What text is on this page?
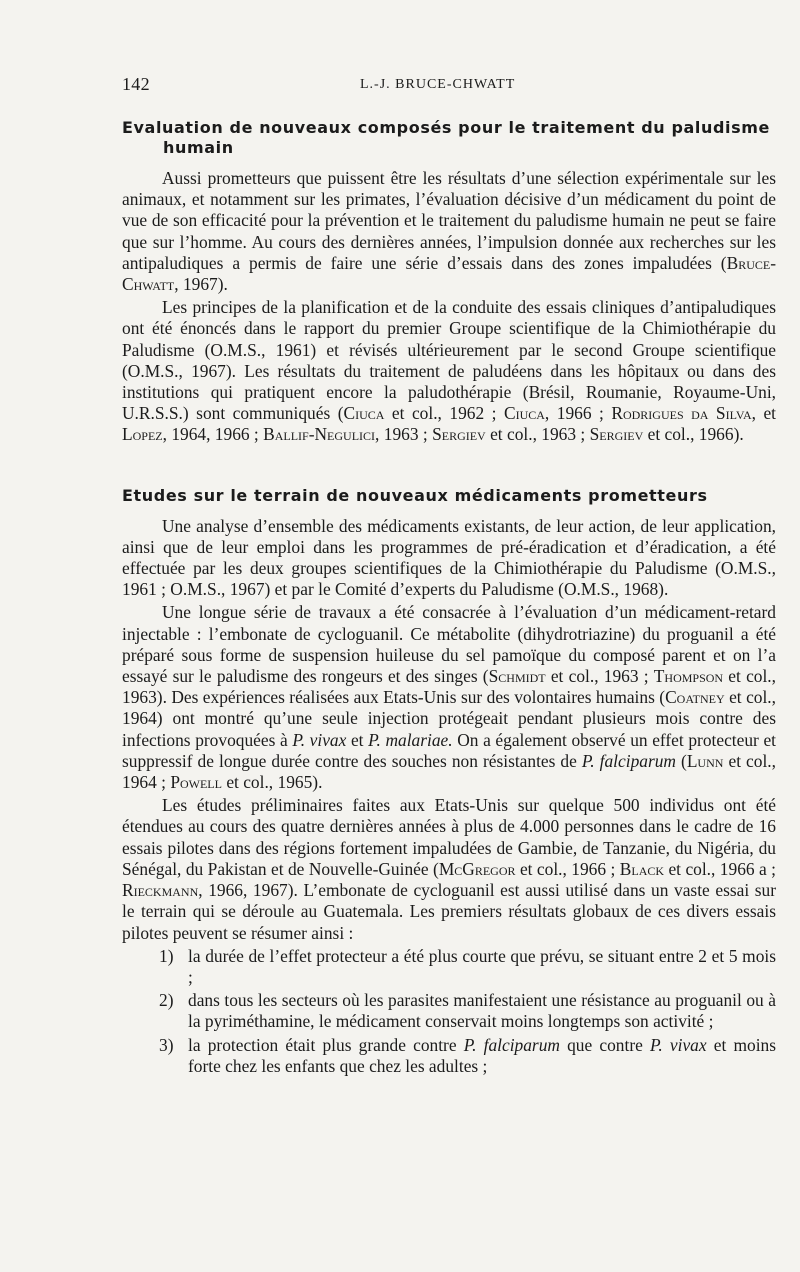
142	L.-J. BRUCE-CHWATT
Evaluation de nouveaux composés pour le traitement du paludisme
humain

Aussi prometteurs que puissent être les résultats d’une sélection expérimentale sur les animaux, et notamment sur les primates, l’évaluation décisive d’un médicament du point de vue de son efficacité pour la prévention et le traitement du paludisme humain ne peut se faire que sur l’homme. Au cours des dernières années, l’impulsion donnée aux recherches sur les antipaludiques a permis de faire une série d’essais dans des zones impaludées (Bruce-Chwatt, 1967).

Les principes de la planification et de la conduite des essais cliniques d’antipaludiques ont été énoncés dans le rapport du premier Groupe scientifique de la Chimiothérapie du Paludisme (O.M.S., 1961) et révisés ultérieurement par le second Groupe scientifique (O.M.S., 1967). Les résultats du traitement de paludéens dans les hôpitaux ou dans des institutions qui pratiquent encore la paludothérapie (Brésil, Roumanie, Royaume-Uni, U.R.S.S.) sont communiqués (Ciuca et col., 1962 ; Ciuca, 1966 ; Rodrigues da Silva, et Lopez, 1964, 1966 ; Ballif-Negulici, 1963 ; Sergiev et col., 1963 ; Sergiev et col., 1966).

Etudes sur le terrain de nouveaux médicaments prometteurs

Une analyse d’ensemble des médicaments existants, de leur action, de leur application, ainsi que de leur emploi dans les programmes de pré-éradication et d’éradication, a été effectuée par les deux groupes scientifiques de la Chimiothérapie du Paludisme (O.M.S., 1961 ; O.M.S., 1967) et par le Comité d’experts du Paludisme (O.M.S., 1968).

Une longue série de travaux a été consacrée à l’évaluation d’un médicament-retard injectable : l’embonate de cycloguanil. Ce métabolite (dihydrotriazine) du proguanil a été préparé sous forme de suspension huileuse du sel pamoïque du composé parent et on l’a essayé sur le paludisme des rongeurs et des singes (Schmidt et col., 1963 ; Thompson et col., 1963). Des expériences réalisées aux Etats-Unis sur des volontaires humains (Coatney et col., 1964) ont montré qu’une seule injection protégeait pendant plusieurs mois contre des infections provoquées à P. vivax et P. malariae. On a également observé un effet protecteur et suppressif de longue durée contre des souches non résistantes de P. falciparum (Lunn et col., 1964 ; Powell et col., 1965).

Les études préliminaires faites aux Etats-Unis sur quelque 500 individus ont été étendues au cours des quatre dernières années à plus de 4.000 personnes dans le cadre de 16 essais pilotes dans des régions fortement impaludées de Gambie, de Tanzanie, du Nigéria, du Sénégal, du Pakistan et de Nouvelle-Guinée (McGregor et col., 1966 ; Black et col., 1966 a ; Rieckmann, 1966, 1967). L’embonate de cycloguanil est aussi utilisé dans un vaste essai sur le terrain qui se déroule au Guatemala. Les premiers résultats globaux de ces divers essais pilotes peuvent se résumer ainsi :

1) la durée de l’effet protecteur a été plus courte que prévu, se situant entre 2 et 5 mois ;
2) dans tous les secteurs où les parasites manifestaient une résistance au proguanil ou à la pyriméthamine, le médicament conservait moins longtemps son activité ;
3) la protection était plus grande contre P. falciparum que contre P. vivax et moins forte chez les enfants que chez les adultes ;
